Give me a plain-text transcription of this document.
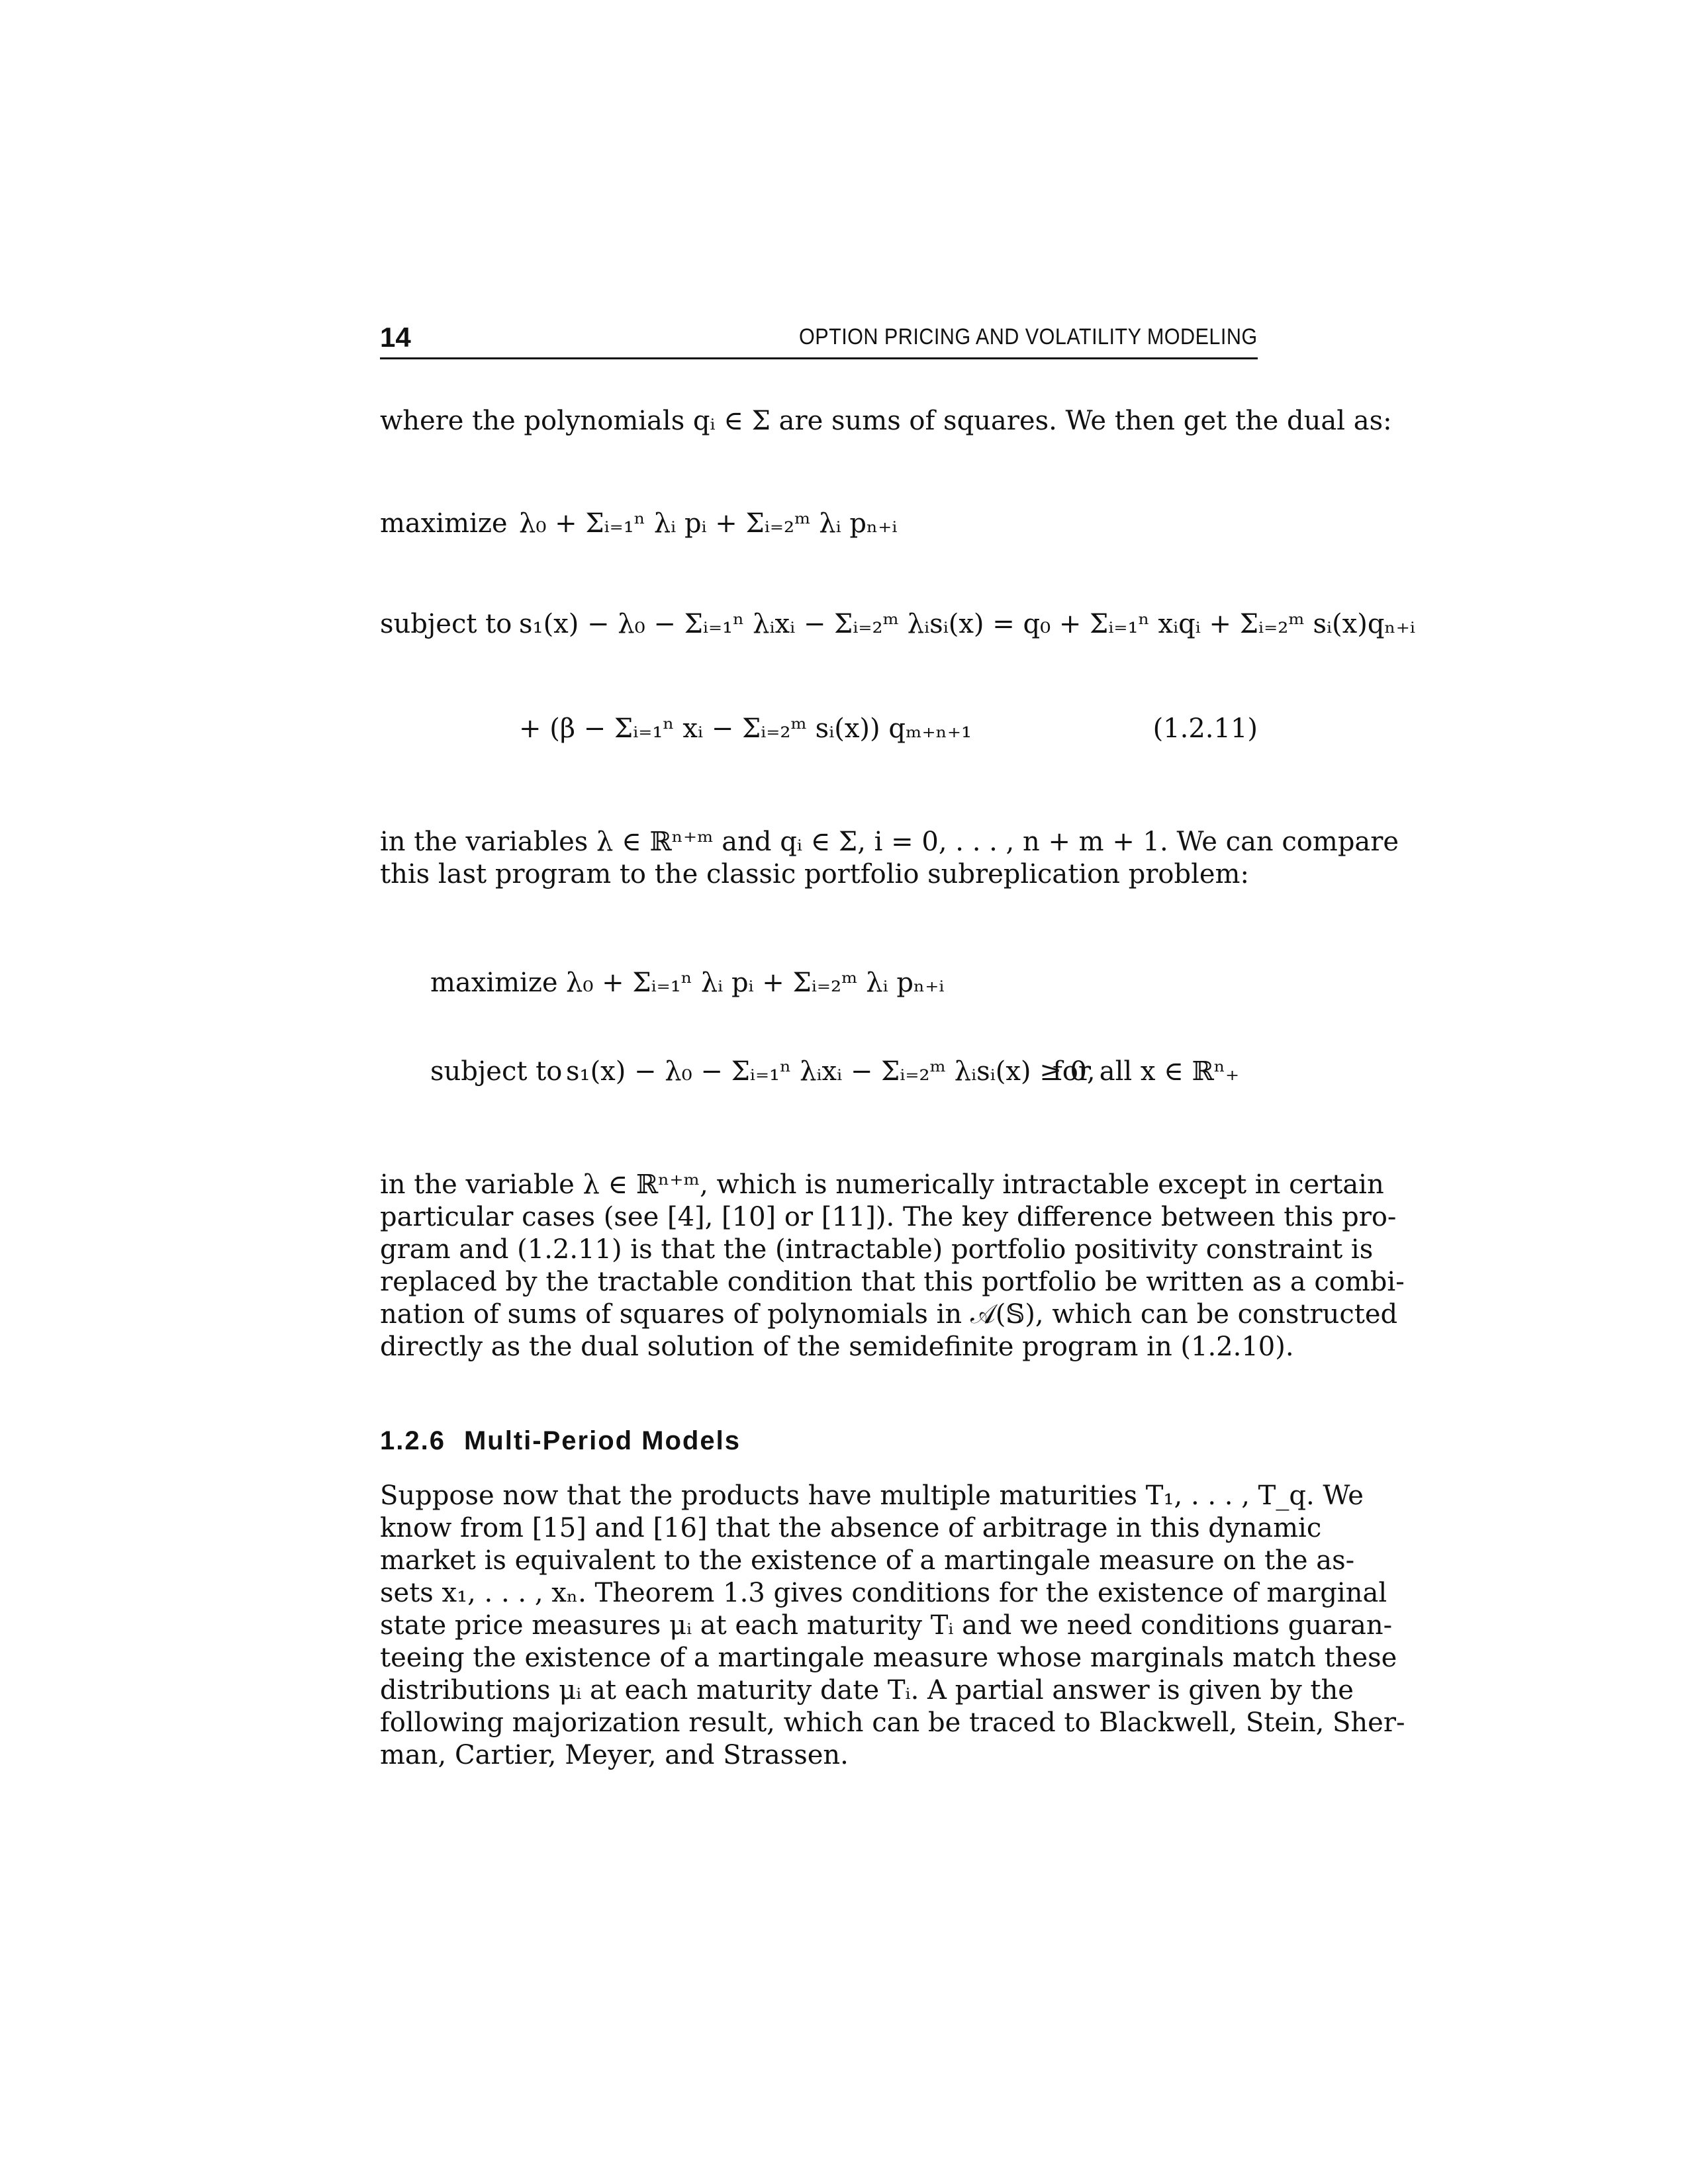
14	OPTION PRICING AND VOLATILITY MODELING
where the polynomials qᵢ ∈ Σ are sums of squares. We then get the dual as:
maximize λ₀ + Σᵢ₌₁ⁿ λᵢ pᵢ + Σᵢ₌₂ᵐ λᵢ pₙ₊ᵢ
subject to s₁(x) − λ₀ − Σᵢ₌₁ⁿ λᵢxᵢ − Σᵢ₌₂ᵐ λᵢsᵢ(x) = q₀ + Σᵢ₌₁ⁿ xᵢqᵢ + Σᵢ₌₂ᵐ sᵢ(x)qₙ₊ᵢ
+ (β − Σᵢ₌₁ⁿ xᵢ − Σᵢ₌₂ᵐ sᵢ(x)) qₘ₊ₙ₊₁	(1.2.11)
in the variables λ ∈ ℝⁿ⁺ᵐ and qᵢ ∈ Σ, i = 0, . . . , n + m + 1. We can compare
this last program to the classic portfolio subreplication problem:
maximize λ₀ + Σᵢ₌₁ⁿ λᵢ pᵢ + Σᵢ₌₂ᵐ λᵢ pₙ₊ᵢ
subject to s₁(x) − λ₀ − Σᵢ₌₁ⁿ λᵢxᵢ − Σᵢ₌₂ᵐ λᵢsᵢ(x) ≥ 0,
for all x ∈ ℝⁿ₊
in the variable λ ∈ ℝⁿ⁺ᵐ, which is numerically intractable except in certain
particular cases (see [4], [10] or [11]). The key difference between this pro-
gram and (1.2.11) is that the (intractable) portfolio positivity constraint is
replaced by the tractable condition that this portfolio be written as a combi-
nation of sums of squares of polynomials in 𝒜(𝕊), which can be constructed
directly as the dual solution of the semidefinite program in (1.2.10).
1.2.6 Multi-Period Models
Suppose now that the products have multiple maturities T₁, . . . , T_q. We
know from [15] and [16] that the absence of arbitrage in this dynamic
market is equivalent to the existence of a martingale measure on the as-
sets x₁, . . . , xₙ. Theorem 1.3 gives conditions for the existence of marginal
state price measures μᵢ at each maturity Tᵢ and we need conditions guaran-
teeing the existence of a martingale measure whose marginals match these
distributions μᵢ at each maturity date Tᵢ. A partial answer is given by the
following majorization result, which can be traced to Blackwell, Stein, Sher-
man, Cartier, Meyer, and Strassen.
